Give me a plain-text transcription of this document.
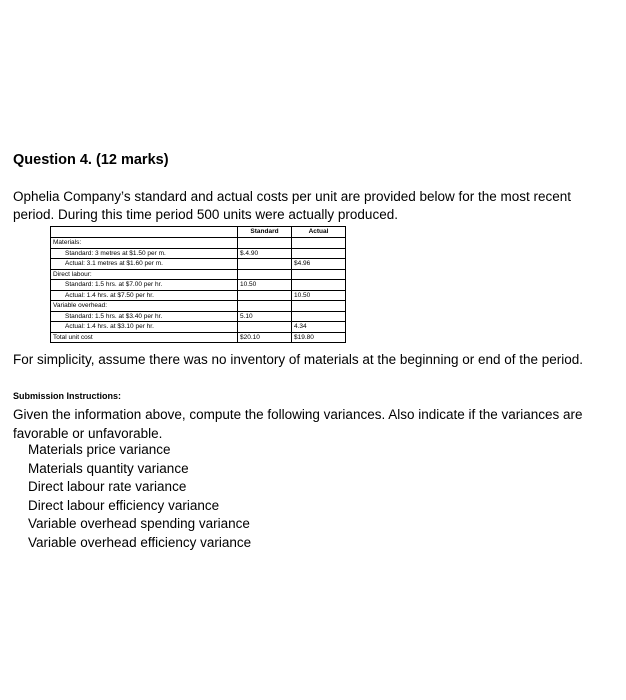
Question 4. (12 marks)

Ophelia Company’s standard and actual costs per unit are provided below for the most recent period. During this time period 500 units were actually produced.

	Standard	Actual
Materials:		
Standard: 3 metres at $1.50 per m.	$.4.90	
Actual: 3.1 metres at $1.60 per m.		$4.96
Direct labour:		
Standard: 1.5 hrs. at $7.00 per hr.	10.50	
Actual: 1.4 hrs. at $7.50 per hr.		10.50
Variable overhead:		
Standard: 1.5 hrs. at $3.40 per hr.	5.10	
Actual: 1.4 hrs. at $3.10 per hr.		4.34
Total unit cost	$20.10	$19.80

For simplicity, assume there was no inventory of materials at the beginning or end of the period.

Submission Instructions:

Given the information above, compute the following variances. Also indicate if the variances are favorable or unfavorable.

Materials price variance
Materials quantity variance
Direct labour rate variance
Direct labour efficiency variance
Variable overhead spending variance
Variable overhead efficiency variance
